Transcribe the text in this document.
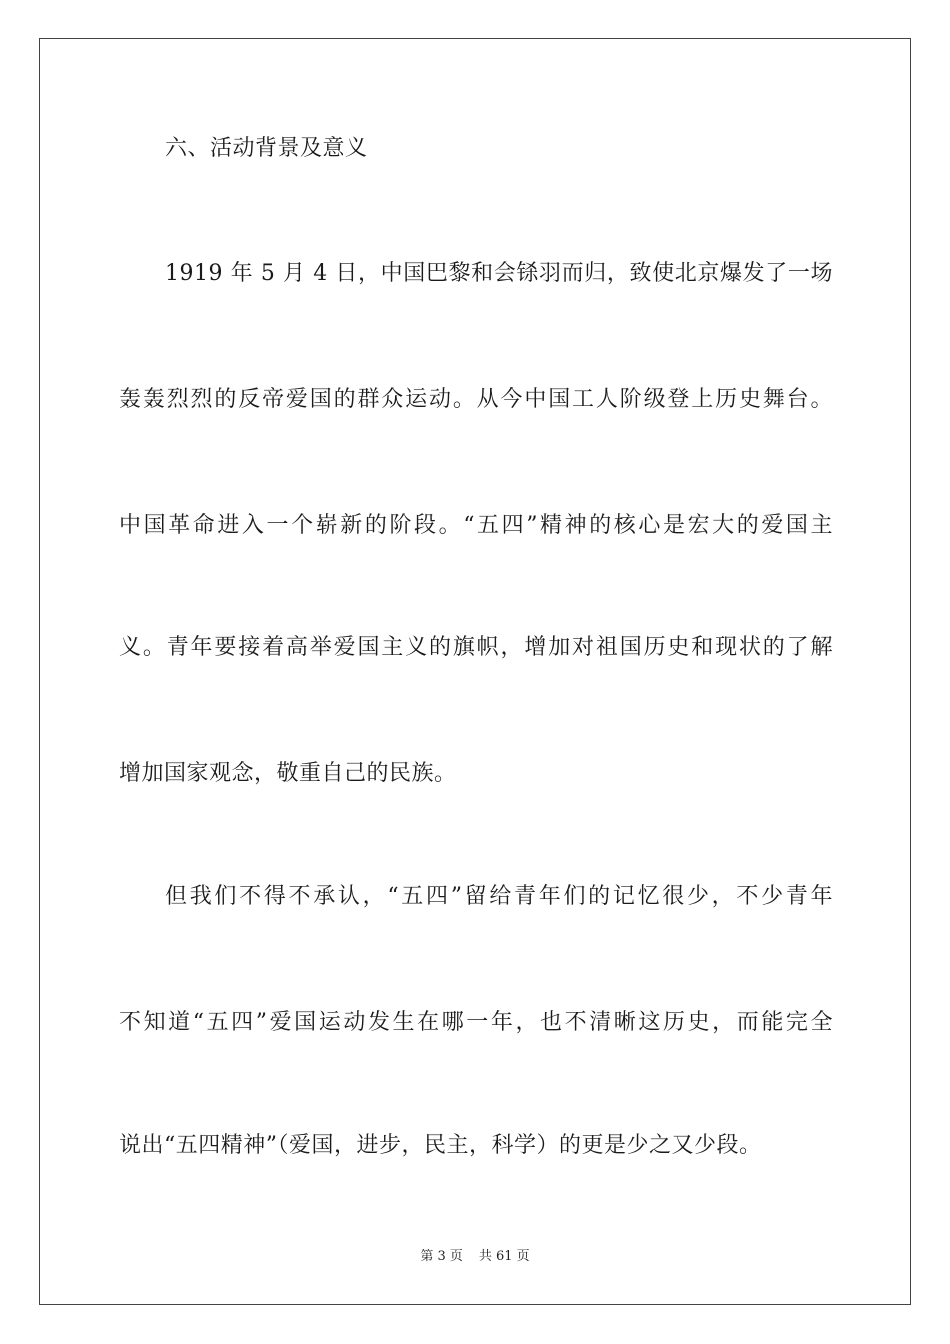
六、活动背景及意义
1919 年 5 月 4 日，中国巴黎和会铩羽而归，致使北京爆发了一场
轰轰烈烈的反帝爱国的群众运动。从今中国工人阶级登上历史舞台。
中国革命进入一个崭新的阶段。“五四”精神的核心是宏大的爱国主
义。青年要接着高举爱国主义的旗帜，增加对祖国历史和现状的了解
增加国家观念，敬重自己的民族。
但我们不得不承认，“五四”留给青年们的记忆很少，不少青年
不知道“五四”爱国运动发生在哪一年，也不清晰这历史，而能完全
说出“五四精神”（爱国，进步，民主，科学）的更是少之又少段。
第 3 页 共 61 页
